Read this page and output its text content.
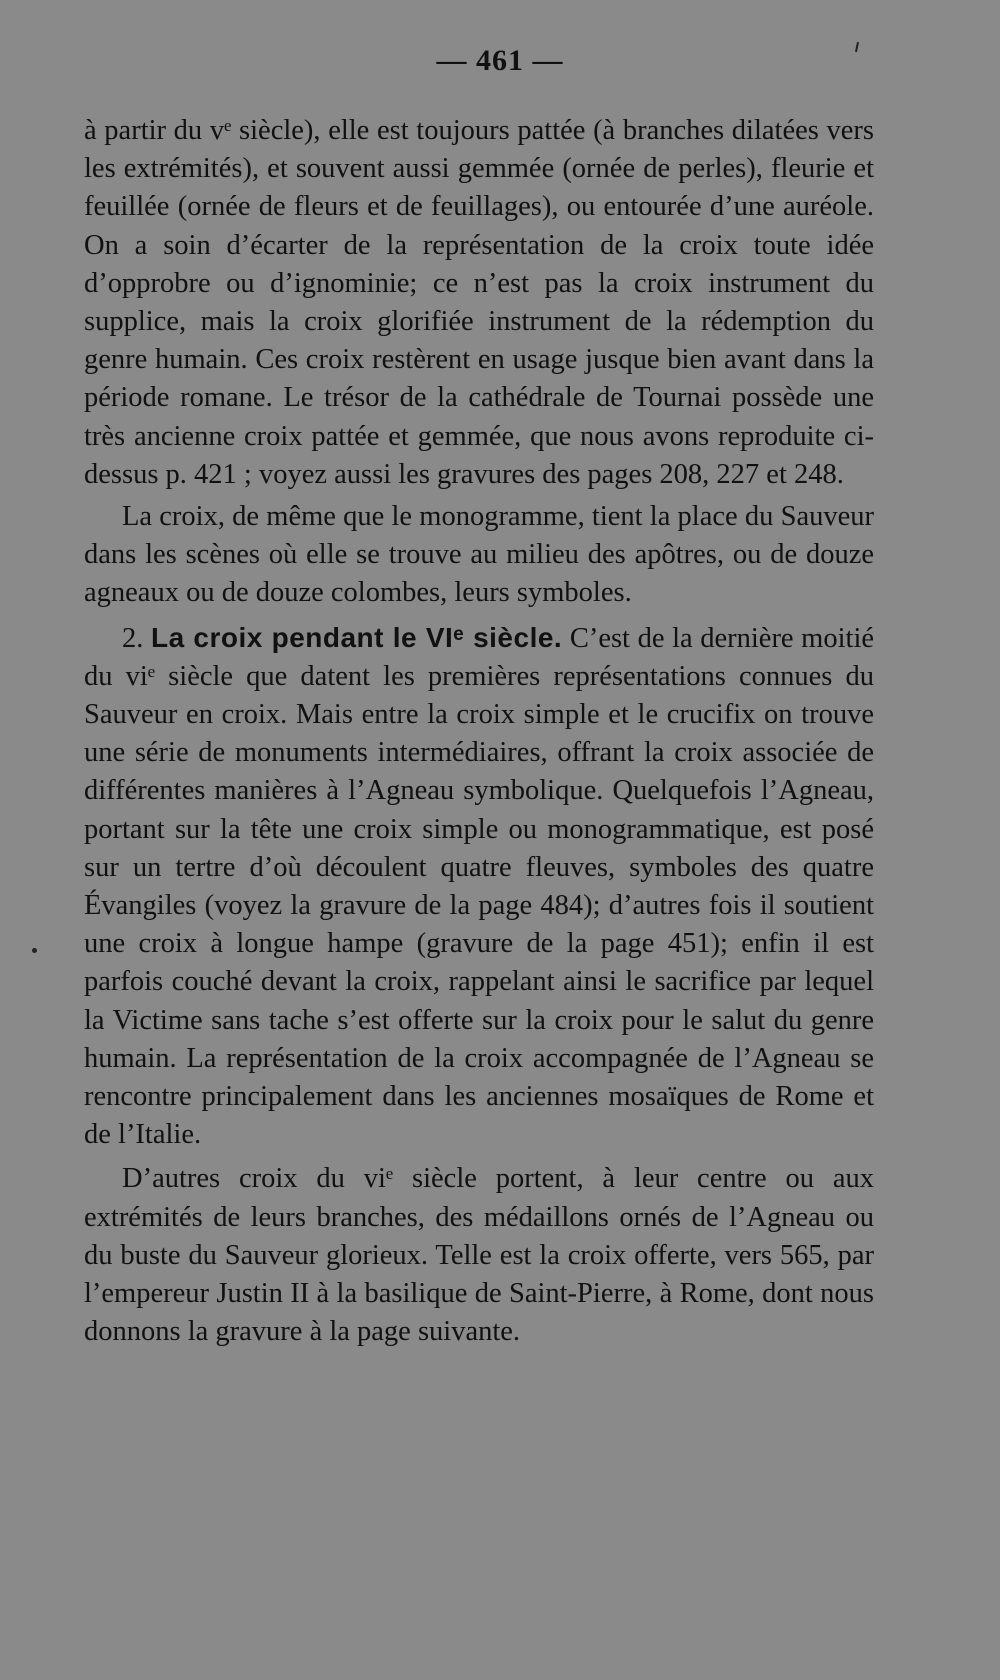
— 461 —

à partir du vᵉ siècle), elle est toujours pattée (à branches dilatées vers les extrémités), et souvent aussi gemmée (ornée de perles), fleurie et feuillée (ornée de fleurs et de feuillages), ou entourée d’une auréole. On a soin d’écarter de la représentation de la croix toute idée d’opprobre ou d’ignominie; ce n’est pas la croix instrument du supplice, mais la croix glorifiée instrument de la rédemption du genre humain. Ces croix restèrent en usage jusque bien avant dans la période romane. Le trésor de la cathédrale de Tournai possède une très ancienne croix pattée et gemmée, que nous avons reproduite ci-dessus p. 421 ; voyez aussi les gravures des pages 208, 227 et 248.

La croix, de même que le monogramme, tient la place du Sauveur dans les scènes où elle se trouve au milieu des apôtres, ou de douze agneaux ou de douze colombes, leurs symboles.

2. La croix pendant le VIᵉ siècle. C’est de la dernière moitié du viᵉ siècle que datent les premières représentations connues du Sauveur en croix. Mais entre la croix simple et le crucifix on trouve une série de monuments intermédiaires, offrant la croix associée de différentes manières à l’Agneau symbolique. Quelquefois l’Agneau, portant sur la tête une croix simple ou monogrammatique, est posé sur un tertre d’où découlent quatre fleuves, symboles des quatre Évangiles (voyez la gravure de la page 484); d’autres fois il soutient une croix à longue hampe (gravure de la page 451); enfin il est parfois couché devant la croix, rappelant ainsi le sacrifice par lequel la Victime sans tache s’est offerte sur la croix pour le salut du genre humain. La représentation de la croix accompagnée de l’Agneau se rencontre principalement dans les anciennes mosaïques de Rome et de l’Italie.

D’autres croix du viᵉ siècle portent, à leur centre ou aux extrémités de leurs branches, des médaillons ornés de l’Agneau ou du buste du Sauveur glorieux. Telle est la croix offerte, vers 565, par l’empereur Justin II à la basilique de Saint-Pierre, à Rome, dont nous donnons la gravure à la page suivante.
